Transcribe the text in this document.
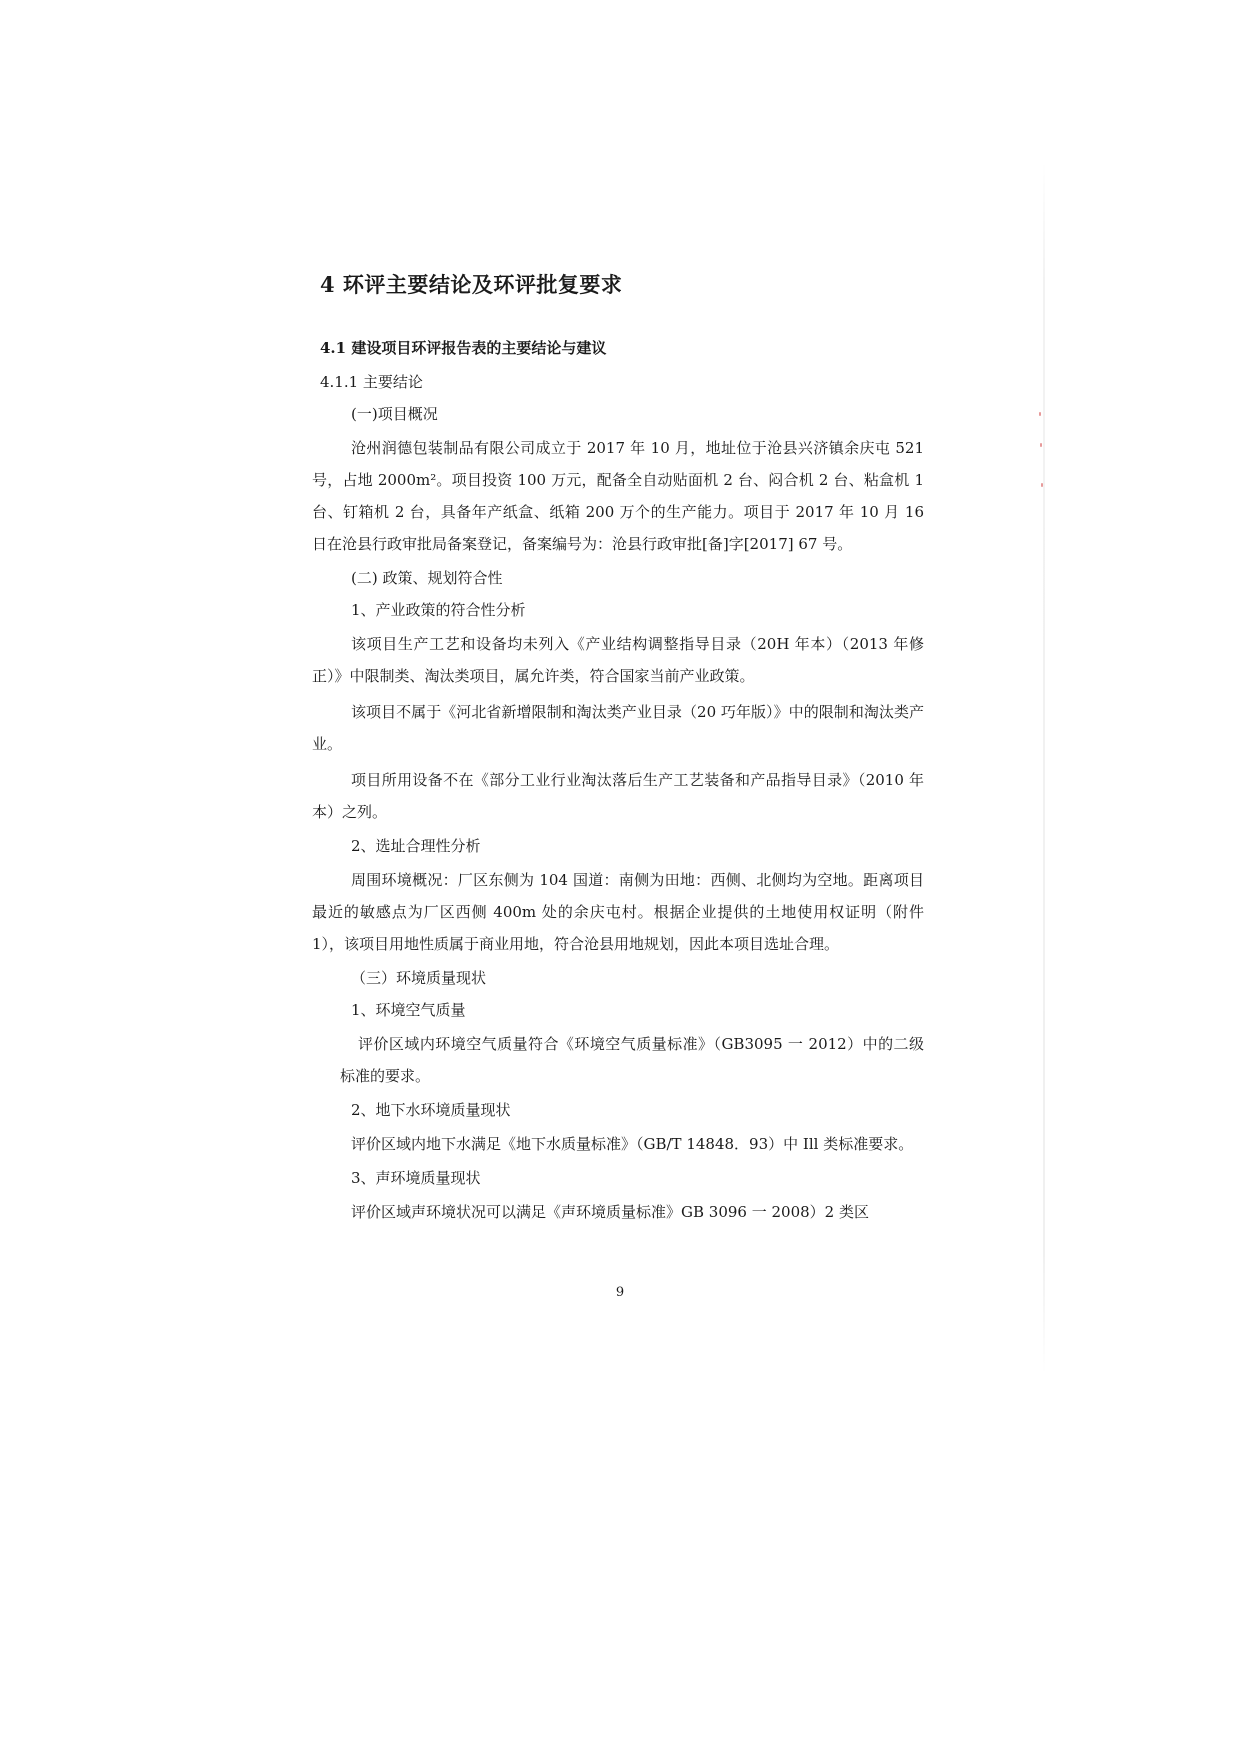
4 环评主要结论及环评批复要求
4.1 建设项目环评报告表的主要结论与建议
4.1.1 主要结论
(一)项目概况

沧州润德包装制品有限公司成立于 2017 年 10 月，地址位于沧县兴济镇余庆屯 521 号，占地 2000m²。项目投资 100 万元，配备全自动贴面机 2 台、闷合机 2 台、粘盒机 1 台、钉箱机 2 台，具备年产纸盒、纸箱 200 万个的生产能力。项目于 2017 年 10 月 16 日在沧县行政审批局备案登记，备案编号为：沧县行政审批[备]字[2017] 67 号。

(二) 政策、规划符合性
1、产业政策的符合性分析

该项目生产工艺和设备均未列入《产业结构调整指导目录（20H 年本）（2013 年修正）》中限制类、淘汰类项目，属允许类，符合国家当前产业政策。

该项目不属于《河北省新增限制和淘汰类产业目录（20 巧年版）》中的限制和淘汰类产业。

项目所用设备不在《部分工业行业淘汰落后生产工艺装备和产品指导目录》（2010 年本）之列。

2、选址合理性分析

周围环境概况：厂区东侧为 104 国道：南侧为田地：西侧、北侧均为空地。距离项目最近的敏感点为厂区西侧 400m 处的余庆屯村。根据企业提供的土地使用权证明（附件 1），该项目用地性质属于商业用地，符合沧县用地规划，因此本项目选址合理。

（三）环境质量现状
1、环境空气质量

评价区域内环境空气质量符合《环境空气质量标准》（GB3095 一 2012）中的二级标准的要求。

2、地下水环境质量现状

评价区域内地下水满足《地下水质量标准》（GB/T 14848．93）中 Ill 类标准要求。

3、声环境质量现状

评价区域声环境状况可以满足《声环境质量标准》GB 3096 一 2008）2 类区

9
